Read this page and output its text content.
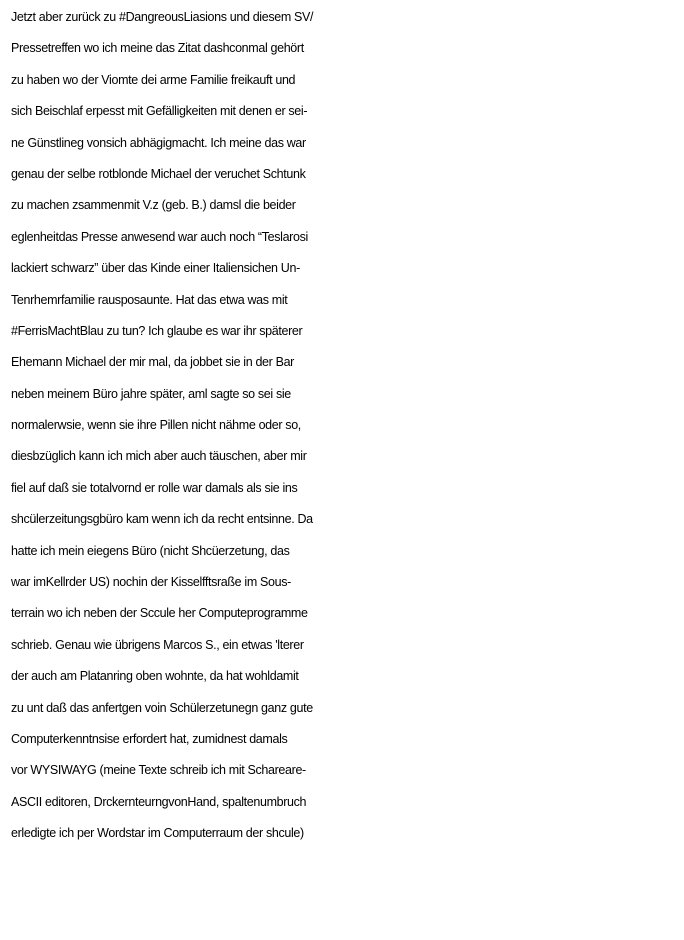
Jetzt aber zurück zu #DangreousLiasions und diesem SV/
Pressetreffen wo ich meine das Zitat dashconmal gehört
zu haben wo der Viomte dei arme Familie freikauft und
sich Beischlaf erpesst mit Gefälligkeiten mit denen er sei-
ne Günstlineg vonsich abhägigmacht. Ich meine das war
genau der selbe rotblonde Michael der veruchet Schtunk
zu machen zsammenmit V.z (geb. B.) damsl die beider
eglenheitdas Presse anwesend war auch noch “Teslarosi
lackiert schwarz” über das Kinde einer Italiensichen Un-
Tenrhemrfamilie rausposaunte. Hat das etwa was mit
#FerrisMachtBlau zu tun? Ich glaube es war ihr späterer
Ehemann Michael der mir mal, da jobbet sie in der Bar
neben meinem Büro jahre später, aml sagte so sei sie
normalerwsie, wenn sie ihre Pillen nicht nähme oder so,
diesbzüglich kann ich mich aber auch täuschen, aber mir
fiel auf daß sie totalvornd er rolle war damals als sie ins
shcülerzeitungsgbüro kam wenn ich da recht entsinne. Da
hatte ich mein eiegens Büro (nicht Shcüerzetung, das
war imKellrder US) nochin der Kisselfftsraße im Sous-
terrain wo ich neben der Sccule her Computeprogramme
schrieb. Genau wie übrigens Marcos S., ein etwas 'lterer
der auch am Platanring oben wohnte, da hat wohldamit
zu unt daß das anfertgen voin Schülerzetunegn ganz gute
Computerkenntnsise erfordert hat, zumidnest damals
vor WYSIWAYG (meine Texte schreib ich mit Schareare-
ASCII editoren, DrckernteurngvonHand, spaltenumbruch
erledigte ich per Wordstar im Computerraum der shcule)
